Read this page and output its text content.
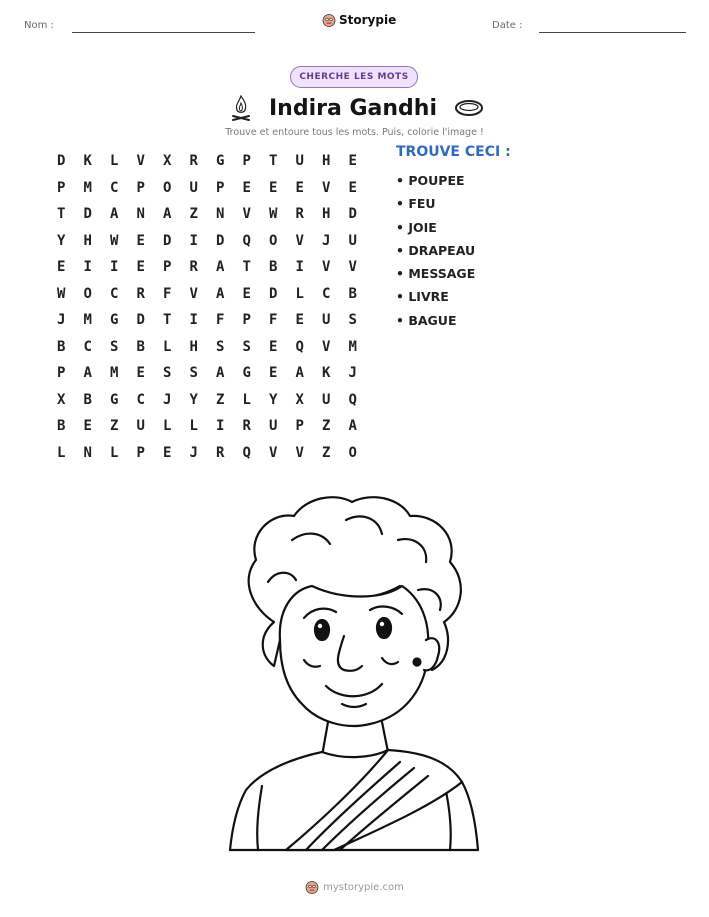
Nom :	Storypie	Date :
CHERCHE LES MOTS
Indira Gandhi
Trouve et entoure tous les mots. Puis, colorie l'image !
D	K	L	V	X	R	G	P	T	U	H	E
P	M	C	P	O	U	P	E	E	E	V	E
T	D	A	N	A	Z	N	V	W	R	H	D
Y	H	W	E	D	I	D	Q	O	V	J	U
E	I	I	E	P	R	A	T	B	I	V	V
W	O	C	R	F	V	A	E	D	L	C	B
J	M	G	D	T	I	F	P	F	E	U	S
B	C	S	B	L	H	S	S	E	Q	V	M
P	A	M	E	S	S	A	G	E	A	K	J
X	B	G	C	J	Y	Z	L	Y	X	U	Q
B	E	Z	U	L	L	I	R	U	P	Z	A
L	N	L	P	E	J	R	Q	V	V	Z	O
TROUVE CECI :
• POUPEE
• FEU
• JOIE
• DRAPEAU
• MESSAGE
• LIVRE
• BAGUE
mystorypie.com
